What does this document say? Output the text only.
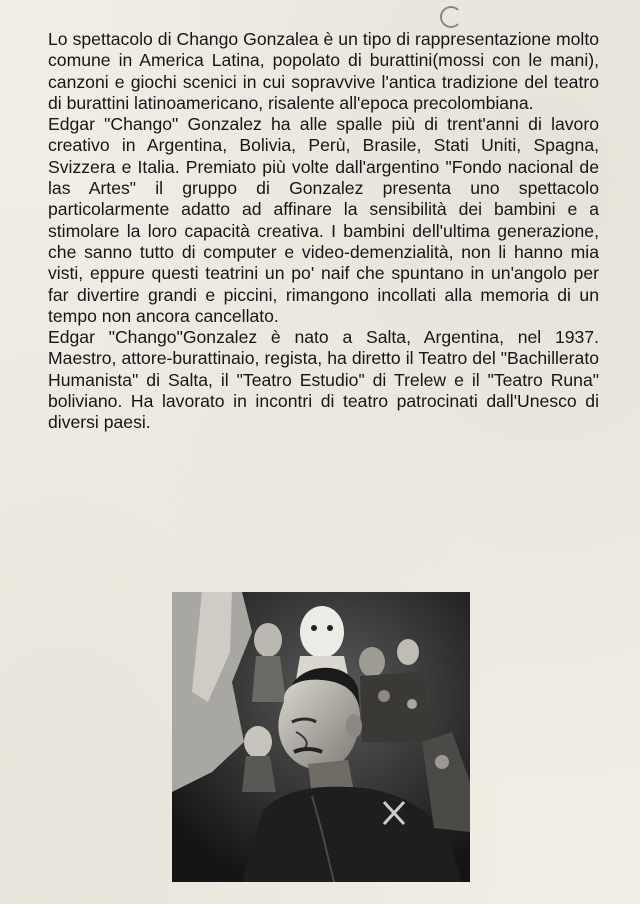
Lo spettacolo di Chango Gonzalea è un tipo di rappresentazione molto comune in America Latina, popolato di burattini(mossi con le mani), canzoni e giochi scenici in cui sopravvive l'antica tradizione del teatro di burattini latinoamericano, risalente all'epoca precolombiana.

Edgar "Chango" Gonzalez ha alle spalle più di trent'anni di lavoro creativo in Argentina, Bolivia, Perù, Brasile, Stati Uniti, Spagna, Svizzera e Italia. Premiato più volte dall'argentino "Fondo nacional de las Artes" il gruppo di Gonzalez presenta uno spettacolo particolarmente adatto ad affinare la sensibilità dei bambini e a stimolare la loro capacità creativa. I bambini dell'ultima generazione, che sanno tutto di computer e video-demenzialità, non li hanno mia visti, eppure questi teatrini un po' naif che spuntano in un'angolo per far divertire grandi e piccini, rimangono incollati alla memoria di un tempo non ancora cancellato.

Edgar "Chango"Gonzalez è nato a Salta, Argentina, nel 1937. Maestro, attore-burattinaio, regista, ha diretto il Teatro del "Bachillerato Humanista" di Salta, il "Teatro Estudio" di Trelew e il "Teatro Runa" boliviano. Ha lavorato in incontri di teatro patrocinati dall'Unesco di diversi paesi.
